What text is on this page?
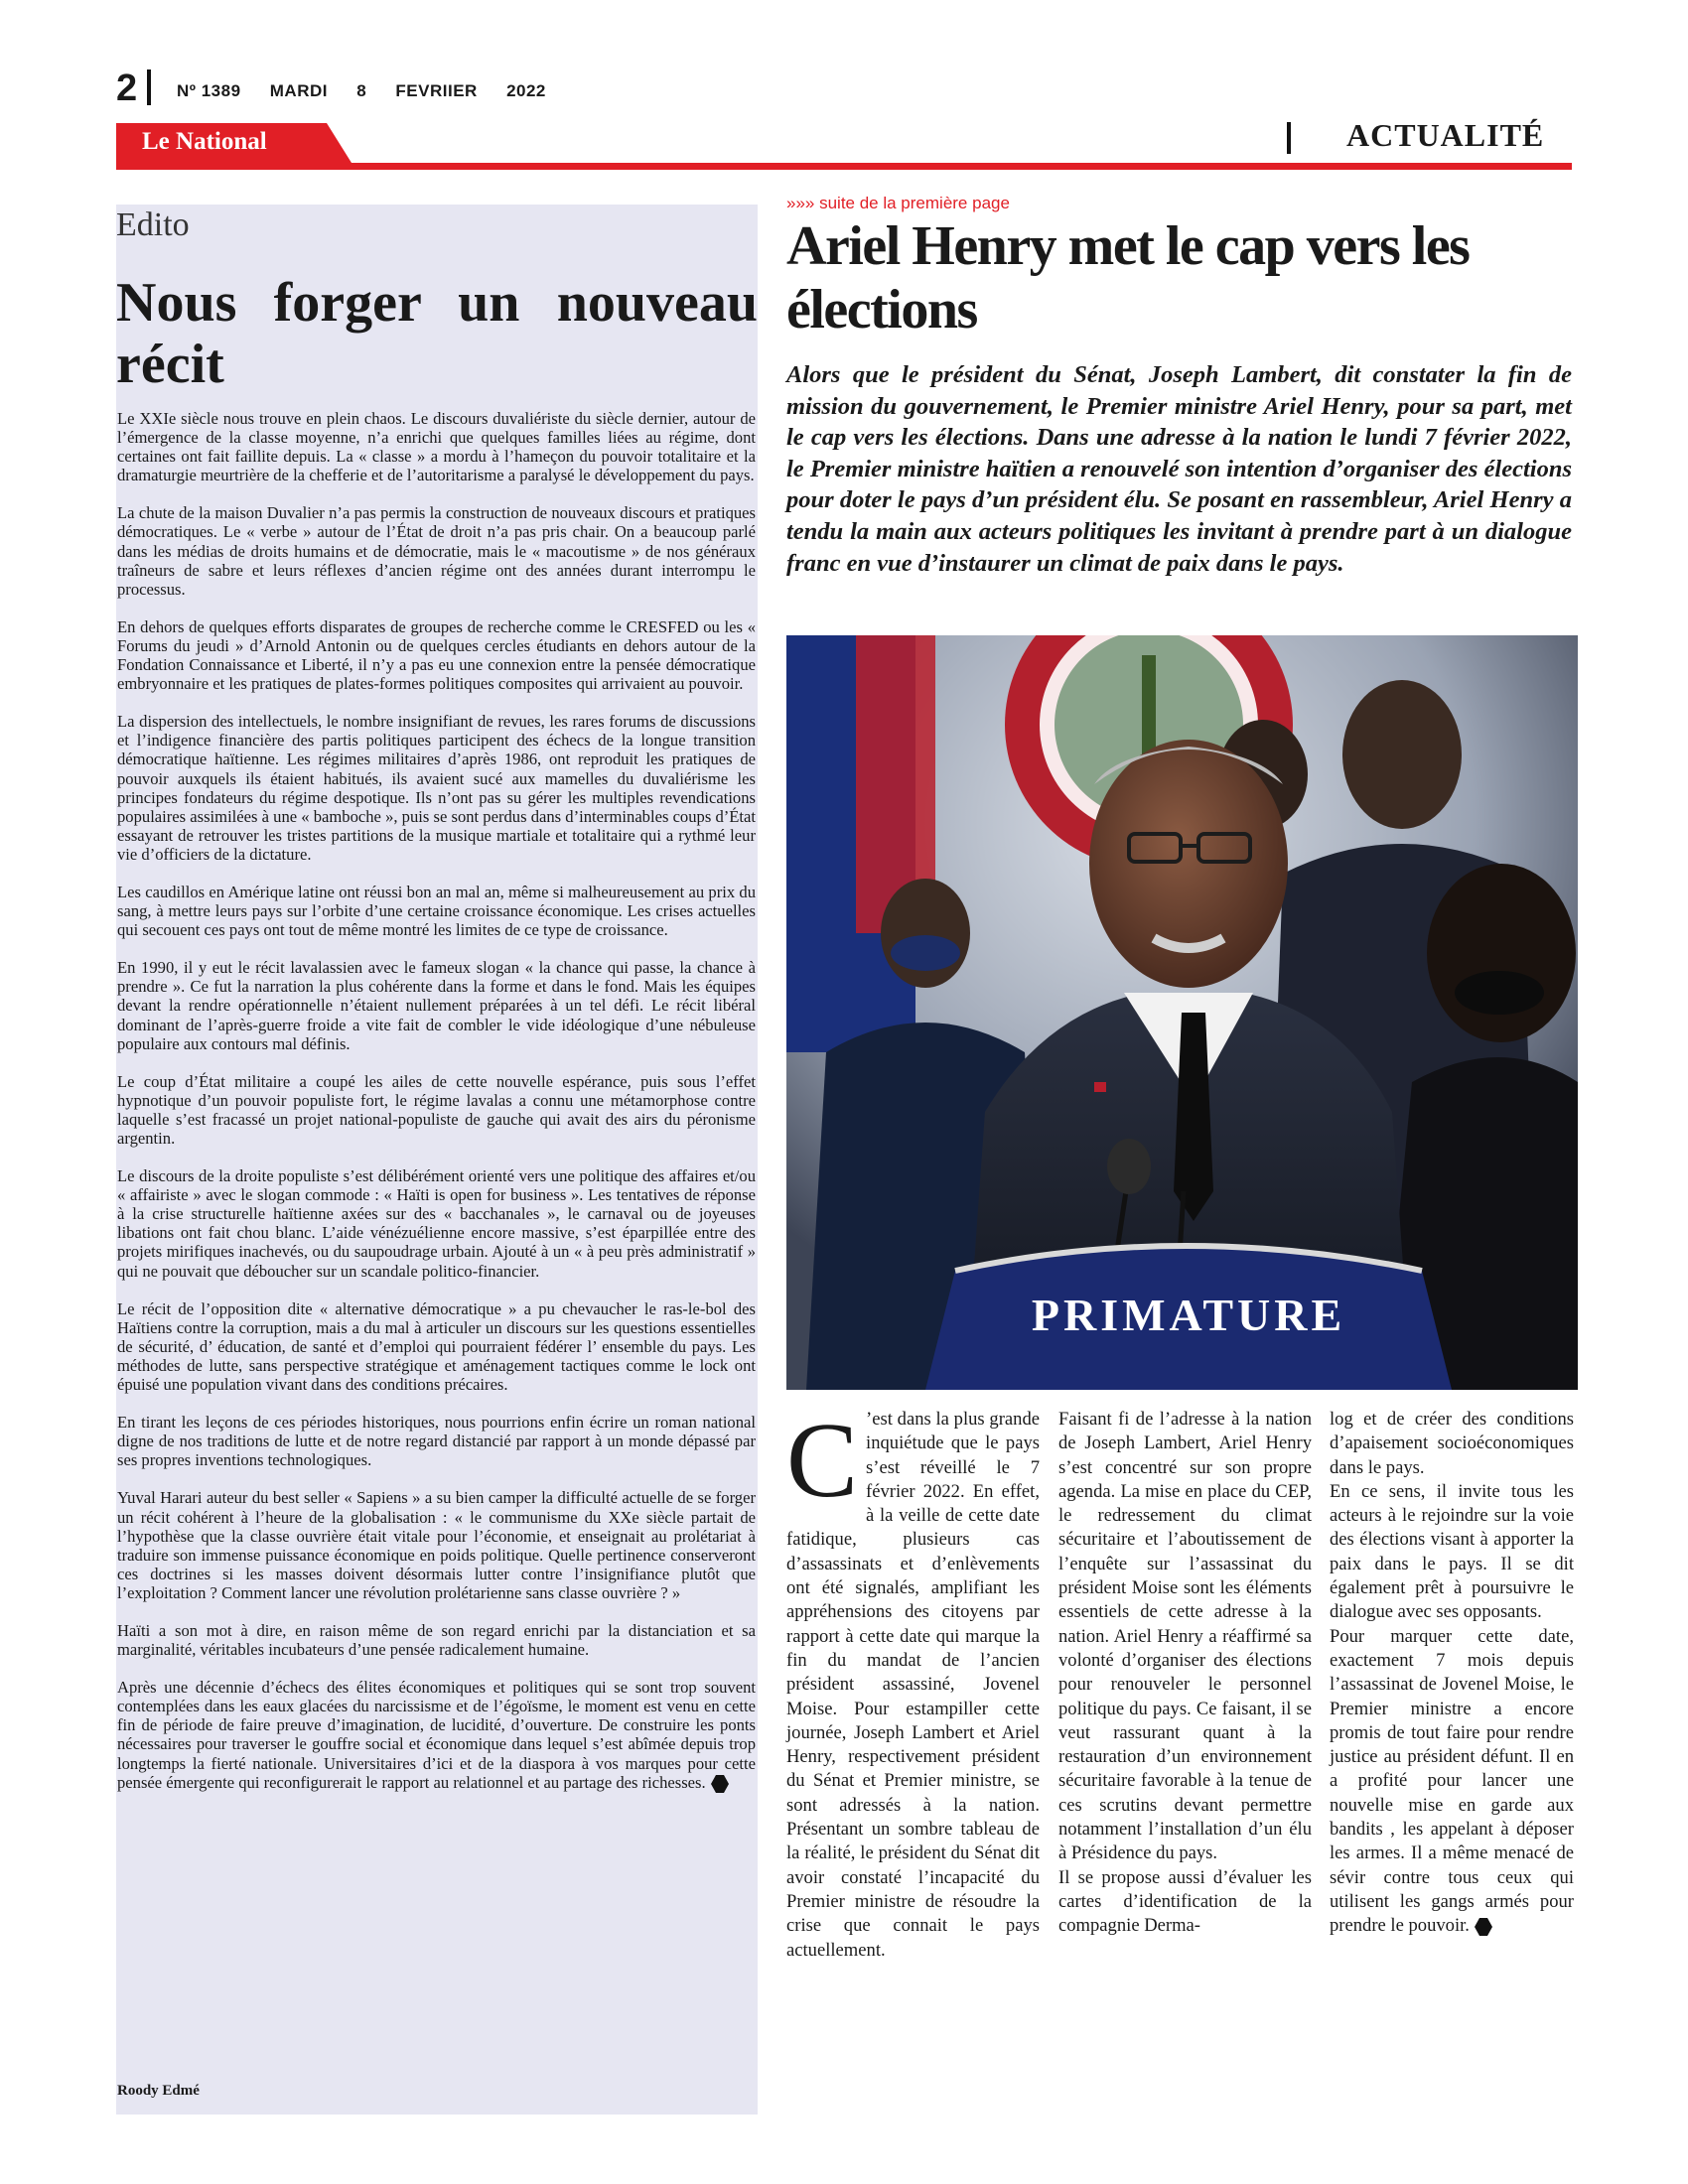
2 Nº 1389 MARDI 8 FEVRIIER 2022
Le National	ACTUALITÉ
Edito
Nous forger un nouveau récit

Le XXIe siècle nous trouve en plein chaos. Le discours duvaliériste du siècle dernier, autour de l’émergence de la classe moyenne, n’a enrichi que quelques familles liées au régime, dont certaines ont fait faillite depuis. La « classe » a mordu à l’hameçon du pouvoir totalitaire et la dramaturgie meurtrière de la chefferie et de l’autoritarisme a paralysé le développement du pays.

La chute de la maison Duvalier n’a pas permis la construction de nouveaux discours et pratiques démocratiques. Le « verbe » autour de l’État de droit n’a pas pris chair. On a beaucoup parlé dans les médias de droits humains et de démocratie, mais le « macoutisme » de nos généraux traîneurs de sabre et leurs réflexes d’ancien régime ont des années durant interrompu le processus.

En dehors de quelques efforts disparates de groupes de recherche comme le CRESFED ou les « Forums du jeudi » d’Arnold Antonin ou de quelques cercles étudiants en dehors autour de la Fondation Connaissance et Liberté, il n’y a pas eu une connexion entre la pensée démocratique embryonnaire et les pratiques de plates-formes politiques composites qui arrivaient au pouvoir.

La dispersion des intellectuels, le nombre insignifiant de revues, les rares forums de discussions et l’indigence financière des partis politiques participent des échecs de la longue transition démocratique haïtienne. Les régimes militaires d’après 1986, ont reproduit les pratiques de pouvoir auxquels ils étaient habitués, ils avaient sucé aux mamelles du duvaliérisme les principes fondateurs du régime despotique. Ils n’ont pas su gérer les multiples revendications populaires assimilées à une « bamboche », puis se sont perdus dans d’interminables coups d’État essayant de retrouver les tristes partitions de la musique martiale et totalitaire qui a rythmé leur vie d’officiers de la dictature.

Les caudillos en Amérique latine ont réussi bon an mal an, même si malheureusement au prix du sang, à mettre leurs pays sur l’orbite d’une certaine croissance économique. Les crises actuelles qui secouent ces pays ont tout de même montré les limites de ce type de croissance.

En 1990, il y eut le récit lavalassien avec le fameux slogan « la chance qui passe, la chance à prendre ». Ce fut la narration la plus cohérente dans la forme et dans le fond. Mais les équipes devant la rendre opérationnelle n’étaient nullement préparées à un tel défi. Le récit libéral dominant de l’après-guerre froide a vite fait de combler le vide idéologique d’une nébuleuse populaire aux contours mal définis.

Le coup d’État militaire a coupé les ailes de cette nouvelle espérance, puis sous l’effet hypnotique d’un pouvoir populiste fort, le régime lavalas a connu une métamorphose contre laquelle s’est fracassé un projet national-populiste de gauche qui avait des airs du péronisme argentin.

Le discours de la droite populiste s’est délibérément orienté vers une politique des affaires et/ou « affairiste » avec le slogan commode : « Haïti is open for business ». Les tentatives de réponse à la crise structurelle haïtienne axées sur des « bacchanales », le carnaval ou de joyeuses libations ont fait chou blanc. L’aide vénézuélienne encore massive, s’est éparpillée entre des projets mirifiques inachevés, ou du saupoudrage urbain. Ajouté à un « à peu près administratif » qui ne pouvait que déboucher sur un scandale politico-financier.

Le récit de l’opposition dite « alternative démocratique » a pu chevaucher le ras-le-bol des Haïtiens contre la corruption, mais a du mal à articuler un discours sur les questions essentielles de sécurité, d’ éducation, de santé et d’emploi qui pourraient fédérer l’ ensemble du pays. Les méthodes de lutte, sans perspective stratégique et aménagement tactiques comme le lock ont épuisé une population vivant dans des conditions précaires.

En tirant les leçons de ces périodes historiques, nous pourrions enfin écrire un roman national digne de nos traditions de lutte et de notre regard distancié par rapport à un monde dépassé par ses propres inventions technologiques.

Yuval Harari auteur du best seller « Sapiens » a su bien camper la difficulté actuelle de se forger un récit cohérent à l’heure de la globalisation : « le communisme du XXe siècle partait de l’hypothèse que la classe ouvrière était vitale pour l’économie, et enseignait au prolétariat à traduire son immense puissance économique en poids politique. Quelle pertinence conserveront ces doctrines si les masses doivent désormais lutter contre l’insignifiance plutôt que l’exploitation ? Comment lancer une révolution prolétarienne sans classe ouvrière ? »

Haïti a son mot à dire, en raison même de son regard enrichi par la distanciation et sa marginalité, véritables incubateurs d’une pensée radicalement humaine.

Après une décennie d’échecs des élites économiques et politiques qui se sont trop souvent contemplées dans les eaux glacées du narcissisme et de l’égoïsme, le moment est venu en cette fin de période de faire preuve d’imagination, de lucidité, d’ouverture. De construire les ponts nécessaires pour traverser le gouffre social et économique dans lequel s’est abîmée depuis trop longtemps la fierté nationale. Universitaires d’ici et de la diaspora à vos marques pour cette pensée émergente qui reconfigurerait le rapport au relationnel et au partage des richesses.

Roody Edmé
»»» suite de la première page
Ariel Henry met le cap vers les élections
Alors que le président du Sénat, Joseph Lambert, dit constater la fin de mission du gouvernement, le Premier ministre Ariel Henry, pour sa part, met le cap vers les élections. Dans une adresse à la nation le lundi 7 février 2022, le Premier ministre haïtien a renouvelé son intention d’organiser des élections pour doter le pays d’un président élu. Se posant en rassembleur, Ariel Henry a tendu la main aux acteurs politiques les invitant à prendre part à un dialogue franc en vue d’instaurer un climat de paix dans le pays.
PRIMATURE

C ’est dans la plus grande inquiétude que le pays s’est réveillé le 7 février 2022. En effet, à la veille de cette date fatidique, plusieurs cas d’assassinats et d’enlèvements ont été signalés, amplifiant les appréhensions des citoyens par rapport à cette date qui marque la fin du mandat de l’ancien président assassiné, Jovenel Moise. Pour estampiller cette journée, Joseph Lambert et Ariel Henry, respectivement président du Sénat et Premier ministre, se sont adressés à la nation. Présentant un sombre tableau de la réalité, le président du Sénat dit avoir constaté l’incapacité du Premier ministre de résoudre la crise que connait le pays actuellement.

Faisant fi de l’adresse à la nation de Joseph Lambert, Ariel Henry s’est concentré sur son propre agenda. La mise en place du CEP, le redressement du climat sécuritaire et l’aboutissement de l’enquête sur l’assassinat du président Moise sont les éléments essentiels de cette adresse à la nation. Ariel Henry a réaffirmé sa volonté d’organiser des élections pour renouveler le personnel politique du pays. Ce faisant, il se veut rassurant quant à la restauration d’un environnement sécuritaire favorable à la tenue de ces scrutins devant permettre notamment l’installation d’un élu à Présidence du pays.

Il se propose aussi d’évaluer les cartes d’identification de la compagnie Derma-

log et de créer des conditions d’apaisement socioéconomiques dans le pays.

En ce sens, il invite tous les acteurs à le rejoindre sur la voie des élections visant à apporter la paix dans le pays. Il se dit également prêt à poursuivre le dialogue avec ses opposants.

Pour marquer cette date, exactement 7 mois depuis l’assassinat de Jovenel Moise, le Premier ministre a encore promis de tout faire pour rendre justice au président défunt. Il en a profité pour lancer une nouvelle mise en garde aux bandits , les appelant à déposer les armes. Il a même menacé de sévir contre tous ceux qui utilisent les gangs armés pour prendre le pouvoir.
